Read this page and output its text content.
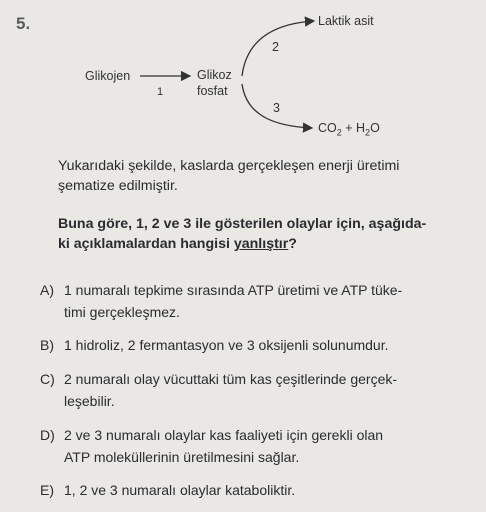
5.
Glikojen
1
Glikoz
fosfat
2
3
Laktik asit
$CO_2 + H_2O$
Yukarıdaki şekilde, kaslarda gerçekleşen enerji üretimi
şematize edilmiştir.
Buna göre, 1, 2 ve 3 ile gösterilen olaylar için, aşağıda-
ki açıklamalardan hangisi yanlıştır?
A) 1 numaralı tepkime sırasında ATP üretimi ve ATP tüke-
timi gerçekleşmez.
B) 1 hidroliz, 2 fermantasyon ve 3 oksijenli solunumdur.
C) 2 numaralı olay vücuttaki tüm kas çeşitlerinde gerçek-
leşebilir.
D) 2 ve 3 numaralı olaylar kas faaliyeti için gerekli olan
ATP moleküllerinin üretilmesini sağlar.
E) 1, 2 ve 3 numaralı olaylar kataboliktir.
